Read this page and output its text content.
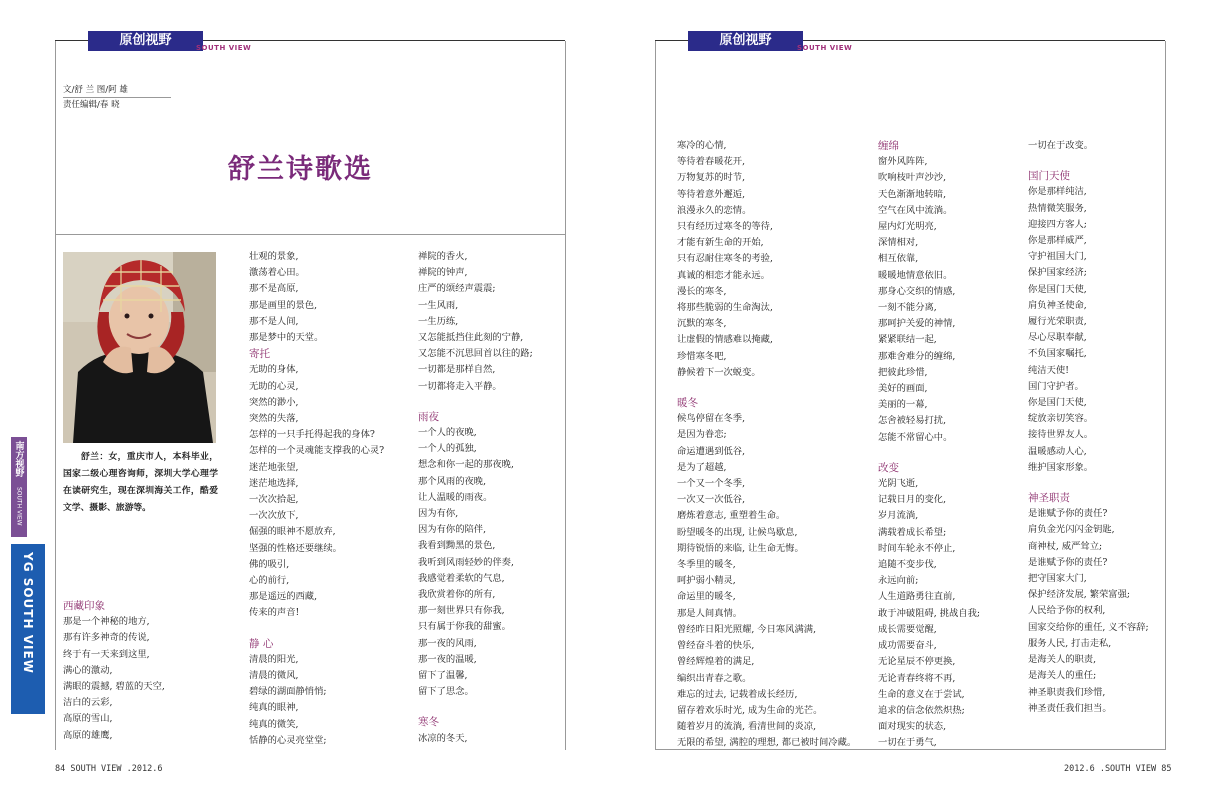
原创视野	SOUTH VIEW
文/舒 兰 图/阿 雄
责任编辑/春 晓
舒兰诗歌选
舒兰：女，重庆市人，本科毕业，国家二级心理咨询师，深圳大学心理学在读研究生，现在深圳海关工作，酷爱文学、摄影、旅游等。
西藏印象
那是一个神秘的地方,
那有许多神奇的传说,
终于有一天来到这里,
满心的激动,
满眼的震撼, 碧蓝的天空,
洁白的云彩,
高原的雪山,
高原的雄鹰,
壮观的景象,
激荡着心田。
那不是高原,
那是画里的景色,
那不是人间,
那是梦中的天堂。
寄托
无助的身体,
无助的心灵,
突然的渺小,
突然的失落,
怎样的一只手托得起我的身体?
怎样的一个灵魂能支撑我的心灵?
迷茫地张望,
迷茫地选择,
一次次拾起,
一次次放下,
倔强的眼神不愿放弃,
坚强的性格还要继续。
佛的吸引,
心的前行,
那是遥远的西藏,
传来的声音!
静 心
清晨的阳光,
清晨的微风,
碧绿的湖面静悄悄;
纯真的眼神,
纯真的微笑,
恬静的心灵亮堂堂;
禅院的香火,
禅院的钟声,
庄严的颂经声震震;
一生风雨,
一生历练,
又怎能抵挡住此刻的宁静,
又怎能不沉思回首以往的路;
一切都是那样自然,
一切都将走入平静。
雨夜
一个人的夜晚,
一个人的孤独,
想念和你一起的那夜晚,
那个风雨的夜晚,
让人温暖的雨夜。
因为有你,
因为有你的陪伴,
我看到黝黑的景色,
我听到风雨轻妙的伴奏,
我感觉着柔软的气息,
我欣赏着你的所有,
那一刻世界只有你我,
只有属于你我的甜蜜。
那一夜的风雨,
那一夜的温暖,
留下了温馨,
留下了思念。
寒冬
冰凉的冬天,
南方视野
SOUTH VIEW
YG SOUTH VIEW
84 SOUTH VIEW .2012.6
原创视野	SOUTH VIEW
寒冷的心情,
等待着春暖花开,
万物复苏的时节,
等待着意外邂逅,
浪漫永久的恋情。
只有经历过寒冬的等待,
才能有新生命的开始,
只有忍耐住寒冬的考验,
真诚的相恋才能永远。
漫长的寒冬,
将那些脆弱的生命淘汰,
沉默的寒冬,
让虚假的情感难以掩藏,
珍惜寒冬吧,
静候着下一次蜕变。
暖冬
候鸟停留在冬季,
是因为眷恋;
命运遭遇到低谷,
是为了超越,
一个又一个冬季,
一次又一次低谷,
磨炼着意志, 重塑着生命。
盼望暖冬的出现, 让候鸟歇息,
期待锐悟的来临, 让生命无悔。
冬季里的暖冬,
呵护弱小精灵,
命运里的暖冬,
那是人间真情。
曾经昨日阳光照耀, 今日寒风满满,
曾经奋斗着的快乐,
曾经辉煌着的满足,
编织出青春之歌。
难忘的过去, 记载着成长经历,
留存着欢乐时光, 成为生命的光芒。
随着岁月的流淌, 看清世间的炎凉,
无限的希望, 满腔的理想, 都已被时间冷藏。
缠绵
窗外风阵阵,
吹响枝叶声沙沙,
天色渐渐地转暗,
空气在风中流淌。
屋内灯光明亮,
深情相对,
相互依靠,
暖暖地情意依旧。
那身心交织的情感,
一刻不能分离,
那呵护关爱的神情,
紧紧联结一起,
那难舍难分的缠绵,
把彼此珍惜,
美好的画面,
美丽的一幕,
怎舍被轻易打扰,
怎能不常留心中。
改变
光阴飞逝,
记载日月的变化,
岁月流淌,
满载着成长希望;
时间车轮永不停止,
追随不变步伐,
永远向前;
人生道路勇往直前,
敢于冲破阻碍, 挑战自我;
成长需要觉醒,
成功需要奋斗,
无论星辰不停更换,
无论青春终将不再,
生命的意义在于尝试,
追求的信念依然炽热;
面对现实的状态,
一切在于勇气,
一切在于改变。
国门天使
你是那样纯洁,
热情微笑服务,
迎接四方客人;
你是那样威严,
守护祖国大门,
保护国家经济;
你是国门天使,
肩负神圣使命,
履行光荣职责,
尽心尽职奉献,
不负国家嘱托,
纯洁天使!
国门守护者。
你是国门天使,
绽放亲切笑容。
接待世界友人。
温暖感动人心,
维护国家形象。
神圣职责
是谁赋予你的责任?
肩负金光闪闪金钥匙,
商神杖, 威严耸立;
是谁赋予你的责任?
把守国家大门,
保护经济发展, 繁荣富强;
人民给予你的权利,
国家交给你的重任, 义不容辞;
服务人民, 打击走私,
是海关人的职责,
是海关人的重任;
神圣职责我们珍惜,
神圣责任我们担当。
2012.6 .SOUTH VIEW 85
